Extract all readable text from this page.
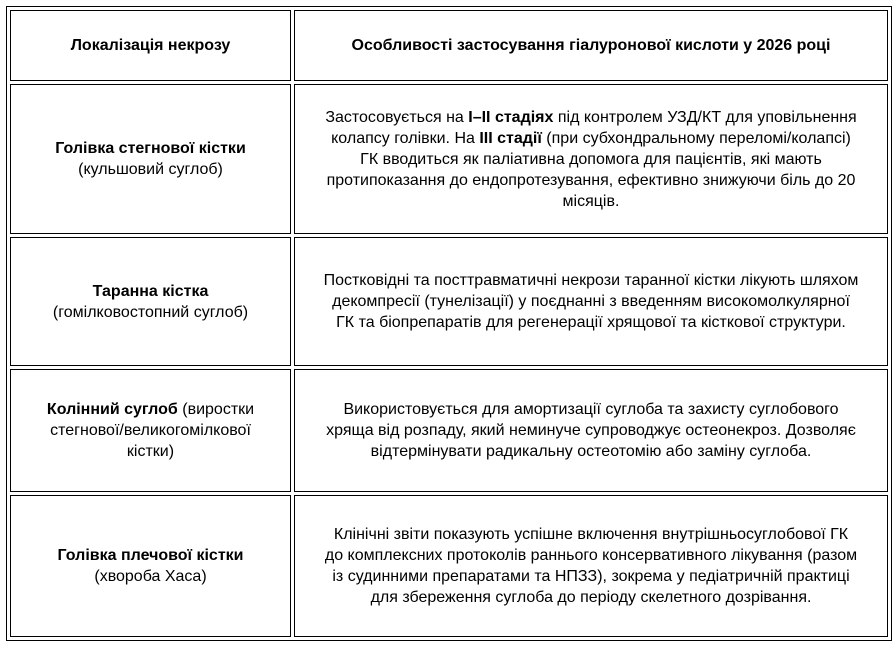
Локалізація некрозу	Особливості застосування гіалуронової кислоти у 2026 році
Голівка стегнової кістки
(кульшовий суглоб)	Застосовується на I–II стадіях під контролем УЗД/КТ для уповільнення колапсу голівки. На III стадії (при субхондральному переломі/колапсі) ГК вводиться як паліативна допомога для пацієнтів, які мають протипоказання до ендопротезування, ефективно знижуючи біль до 20 місяців.
Таранна кістка
(гомілковостопний суглоб)	Постковідні та посттравматичні некрози таранної кістки лікують шляхом декомпресії (тунелізації) у поєднанні з введенням високомолкулярної ГК та біопрепаратів для регенерації хрящової та кісткової структури.
Колінний суглоб (виростки стегнової/великогомілкової кістки)	Використовується для амортизації суглоба та захисту суглобового хряща від розпаду, який неминуче супроводжує остеонекроз. Дозволяє відтермінувати радикальну остеотомію або заміну суглоба.
Голівка плечової кістки
(хвороба Хаса)	Клінічні звіти показують успішне включення внутрішньосуглобової ГК до комплексних протоколів раннього консервативного лікування (разом із судинними препаратами та НПЗЗ), зокрема у педіатричній практиці для збереження суглоба до періоду скелетного дозрівання.
